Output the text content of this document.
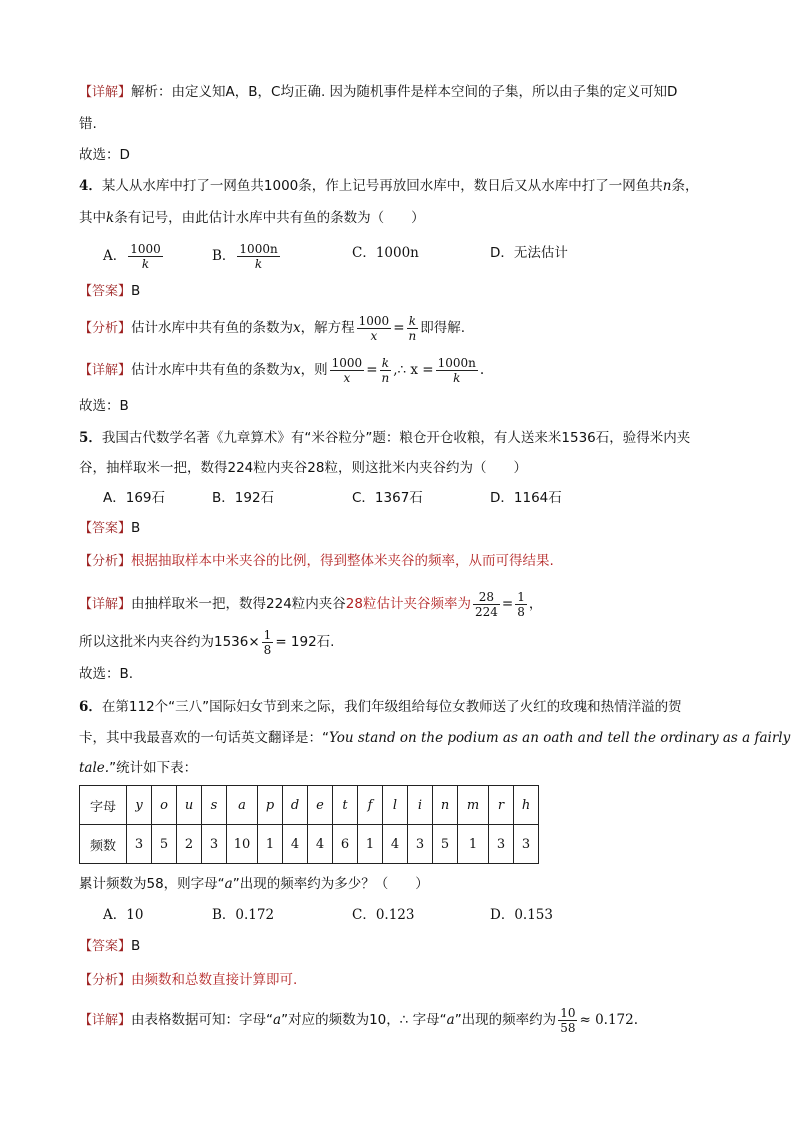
【详解】解析：由定义知A，B，C均正确. 因为随机事件是样本空间的子集，所以由子集的定义可知D
错.
故选：D
4．某人从水库中打了一网鱼共1000条，作上记号再放回水库中，数日后又从水库中打了一网鱼共n条，
其中k条有记号，由此估计水库中共有鱼的条数为（　　）
A． $\frac{1000}{k}$	B． $\frac{1000n}{k}$	C．1000n	D．无法估计
【答案】B
【分析】估计水库中共有鱼的条数为x，解方程 $\frac{1000}{x} = \frac{k}{n}$ 即得解.
【详解】估计水库中共有鱼的条数为x，则 $\frac{1000}{x} = \frac{k}{n}$ ,∴ $x = \frac{1000n}{k}$ .
故选：B
5．我国古代数学名著《九章算术》有“米谷粒分”题：粮仓开仓收粮，有人送来米1536石，验得米内夹
谷，抽样取米一把，数得224粒内夹谷28粒，则这批米内夹谷约为（　　）
A．169石	B．192石	C．1367石	D．1164石
【答案】B
【分析】根据抽取样本中米夹谷的比例，得到整体米夹谷的频率，从而可得结果.
【详解】由抽样取米一把，数得224粒内夹谷28粒估计夹谷频率为 $\frac{28}{224} = \frac{1}{8}$ ，
所以这批米内夹谷约为$1536\times \frac{1}{8} = 192$石.
故选：B.
6．在第112个“三八”国际妇女节到来之际，我们年级组给每位女教师送了火红的玫瑰和热情洋溢的贺
卡，其中我最喜欢的一句话英文翻译是：“You stand on the podium as an oath and tell the ordinary as a fairly
tale.”统计如下表：
字母	y	o	u	s	a	p	d	e	t	f	l	i	n	m	r	h
频数	3	5	2	3	10	1	4	4	6	1	4	3	5	1	3	3
累计频数为58，则字母“a”出现的频率约为多少？（　　）
A．10	B．0.172	C．0.123	D．0.153
【答案】B
【分析】由频数和总数直接计算即可.
【详解】由表格数据可知：字母“a”对应的频数为10，∴ 字母“a”出现的频率约为 $\frac{10}{58} \approx 0.172$.
